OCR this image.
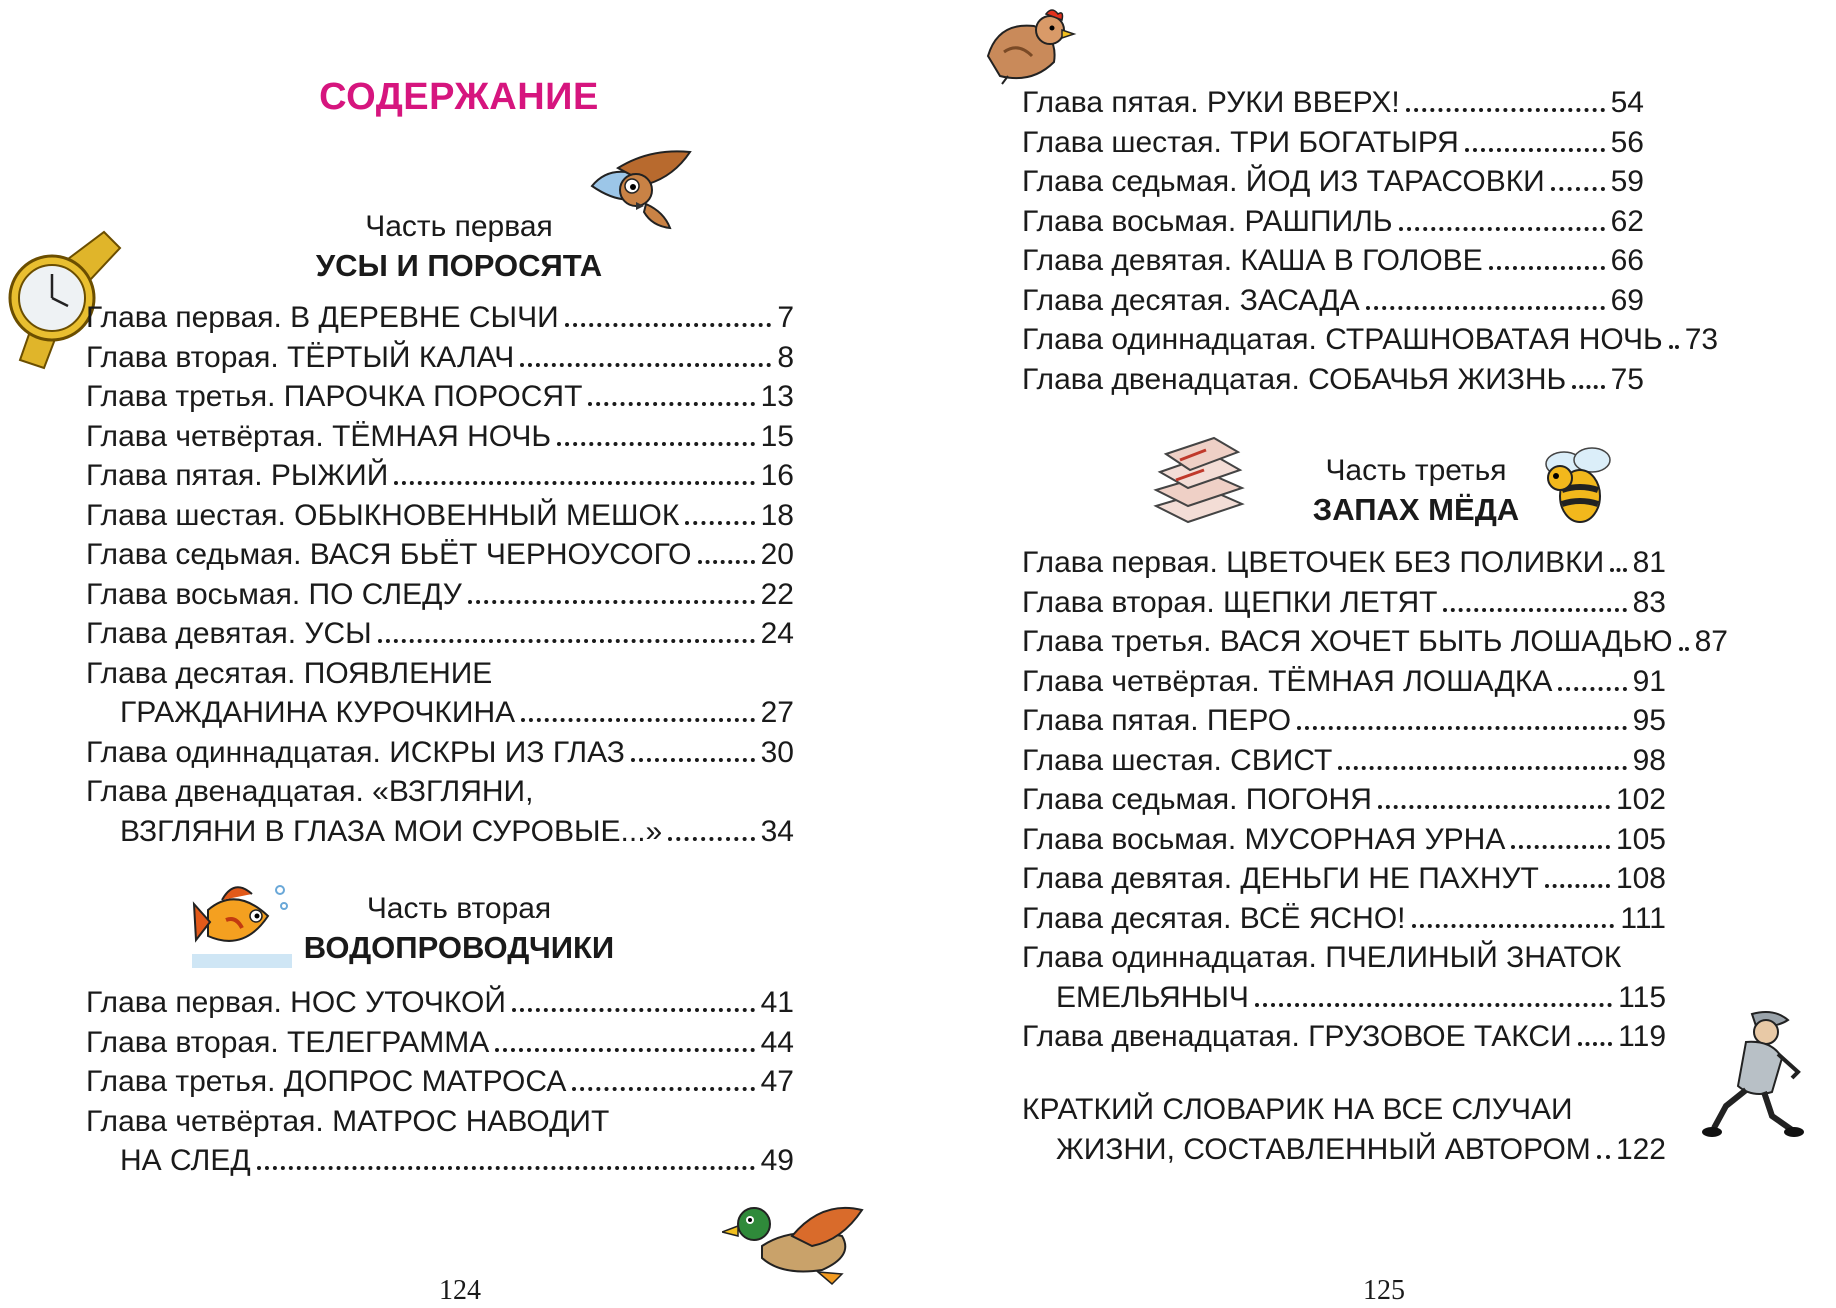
СОДЕРЖАНИЕ
Часть первая
УСЫ И ПОРОСЯТА
Глава первая. В ДЕРЕВНЕ СЫЧИ	7
Глава вторая. ТЁРТЫЙ КАЛАЧ	8
Глава третья. ПАРОЧКА ПОРОСЯТ	13
Глава четвёртая. ТЁМНАЯ НОЧЬ	15
Глава пятая. РЫЖИЙ	16
Глава шестая. ОБЫКНОВЕННЫЙ МЕШОК	18
Глава седьмая. ВАСЯ БЬЁТ ЧЕРНОУСОГО 20
Глава восьмая. ПО СЛЕДУ	22
Глава девятая. УСЫ	24
Глава десятая. ПОЯВЛЕНИЕ
ГРАЖДАНИНА КУРОЧКИНА	27
Глава одиннадцатая. ИСКРЫ ИЗ ГЛАЗ	30
Глава двенадцатая. «ВЗГЛЯНИ,
ВЗГЛЯНИ В ГЛАЗА МОИ СУРОВЫЕ...»	34
Часть вторая
ВОДОПРОВОДЧИКИ
Глава первая. НОС УТОЧКОЙ	41
Глава вторая. ТЕЛЕГРАММА	44
Глава третья. ДОПРОС МАТРОСА	47
Глава четвёртая. МАТРОС НАВОДИТ
НА СЛЕД	49
124
Глава пятая. РУКИ ВВЕРХ!	54
Глава шестая. ТРИ БОГАТЫРЯ	56
Глава седьмая. ЙОД ИЗ ТАРАСОВКИ 59
Глава восьмая. РАШПИЛЬ	62
Глава девятая. КАША В ГОЛОВЕ	66
Глава десятая. ЗАСАДА	69
Глава одиннадцатая. СТРАШНОВАТАЯ НОЧЬ 73
Глава двенадцатая. СОБАЧЬЯ ЖИЗНЬ 75
Часть третья
ЗАПАХ МЁДА
Глава первая. ЦВЕТОЧЕК БЕЗ ПОЛИВКИ 81
Глава вторая. ЩЕПКИ ЛЕТЯТ	83
Глава третья. ВАСЯ ХОЧЕТ БЫТЬ ЛОШАДЬЮ 87
Глава четвёртая. ТЁМНАЯ ЛОШАДКА	91
Глава пятая. ПЕРО	95
Глава шестая. СВИСТ	98
Глава седьмая. ПОГОНЯ	102
Глава восьмая. МУСОРНАЯ УРНА	105
Глава девятая. ДЕНЬГИ НЕ ПАХНУТ	108
Глава десятая. ВСЁ ЯСНО!	111
Глава одиннадцатая. ПЧЕЛИНЫЙ ЗНАТОК
ЕМЕЛЬЯНЫЧ	115
Глава двенадцатая. ГРУЗОВОЕ ТАКСИ 119
КРАТКИЙ СЛОВАРИК НА ВСЕ СЛУЧАИ
ЖИЗНИ, СОСТАВЛЕННЫЙ АВТОРОМ 122
125
